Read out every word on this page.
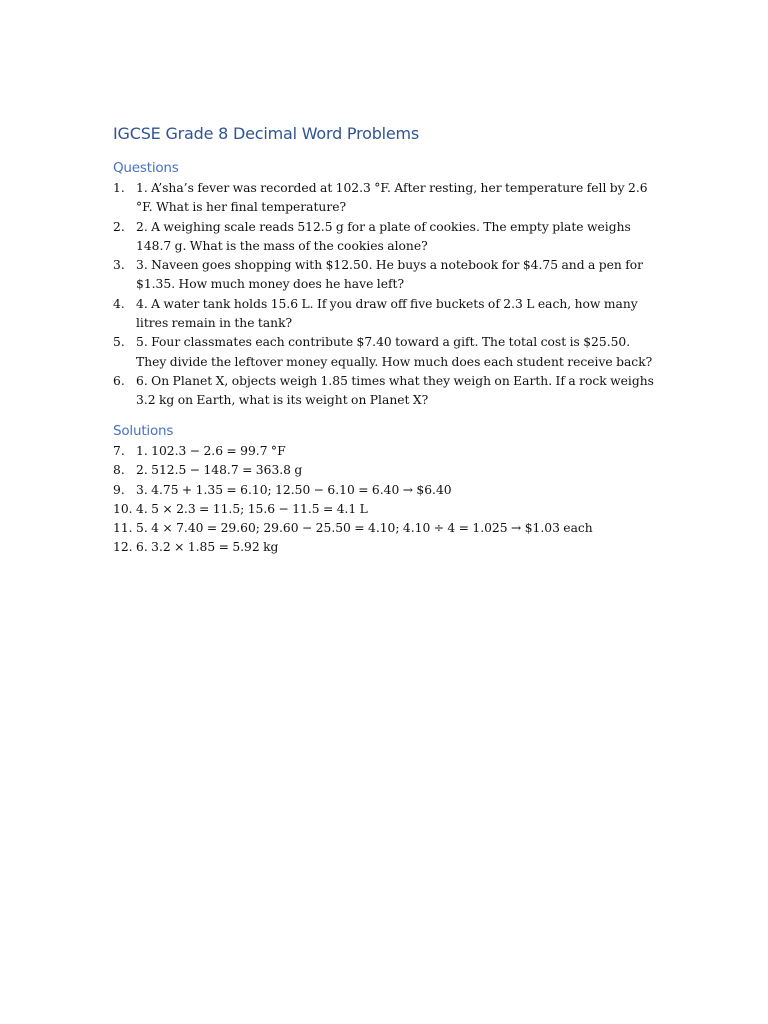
IGCSE Grade 8 Decimal Word Problems
Questions
1. 1. A’sha’s fever was recorded at 102.3 °F. After resting, her temperature fell by 2.6 °F. What is her final temperature?
2. 2. A weighing scale reads 512.5 g for a plate of cookies. The empty plate weighs 148.7 g. What is the mass of the cookies alone?
3. 3. Naveen goes shopping with $12.50. He buys a notebook for $4.75 and a pen for $1.35. How much money does he have left?
4. 4. A water tank holds 15.6 L. If you draw off five buckets of 2.3 L each, how many litres remain in the tank?
5. 5. Four classmates each contribute $7.40 toward a gift. The total cost is $25.50. They divide the leftover money equally. How much does each student receive back?
6. 6. On Planet X, objects weigh 1.85 times what they weigh on Earth. If a rock weighs 3.2 kg on Earth, what is its weight on Planet X?
Solutions
7. 1. 102.3 − 2.6 = 99.7 °F
8. 2. 512.5 − 148.7 = 363.8 g
9. 3. 4.75 + 1.35 = 6.10; 12.50 − 6.10 = 6.40 → $6.40
10. 4. 5 × 2.3 = 11.5; 15.6 − 11.5 = 4.1 L
11. 5. 4 × 7.40 = 29.60; 29.60 − 25.50 = 4.10; 4.10 ÷ 4 = 1.025 → $1.03 each
12. 6. 3.2 × 1.85 = 5.92 kg
